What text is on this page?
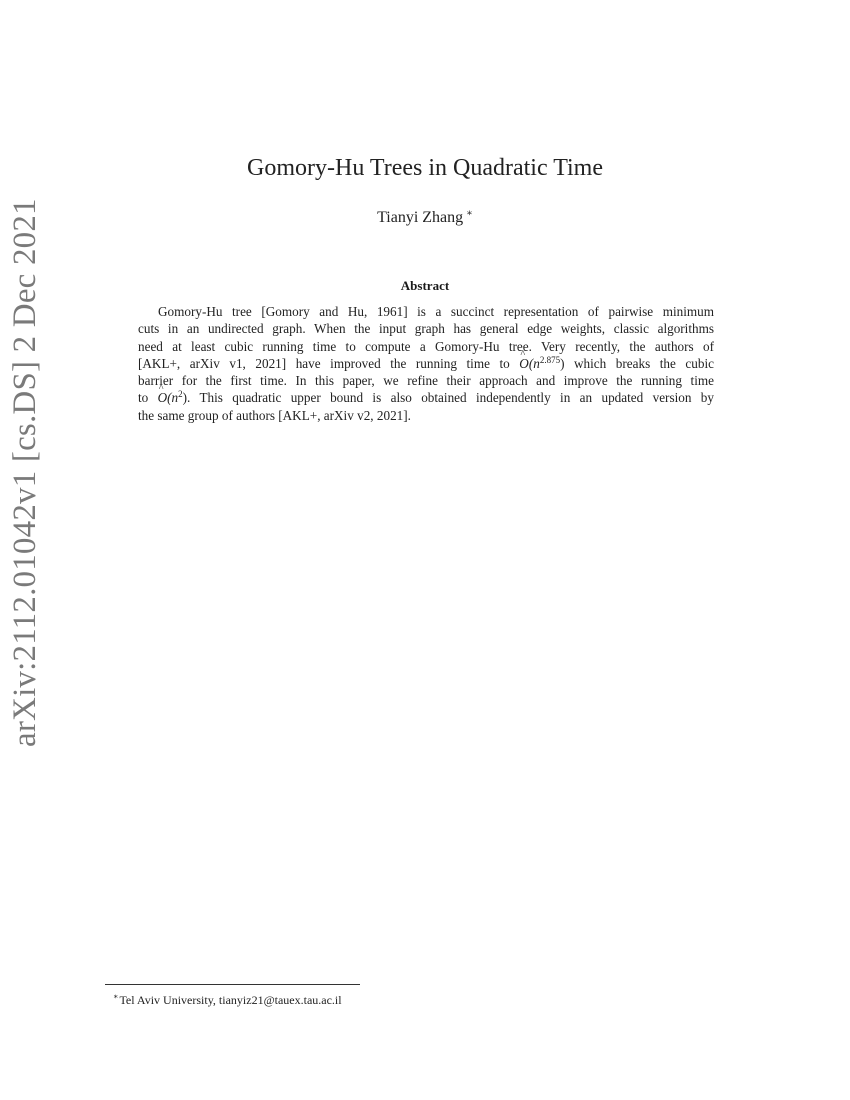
arXiv:2112.01042v1 [cs.DS] 2 Dec 2021
Gomory-Hu Trees in Quadratic Time
Tianyi Zhang ∗
Abstract
Gomory-Hu tree [Gomory and Hu, 1961] is a succinct representation of pairwise minimum
cuts in an undirected graph. When the input graph has general edge weights, classic algorithms
need at least cubic running time to compute a Gomory-Hu tree. Very recently, the authors of
[AKL+, arXiv v1, 2021] have improved the running time to ^ $O(n^{2.875})$ which breaks the cubic
barrier for the first time. In this paper, we refine their approach and improve the running time
to ^ $O(n^2)$. This quadratic upper bound is also obtained independently in an updated version by
the same group of authors [AKL+, arXiv v2, 2021].
∗Tel Aviv University, tianyiz21@tauex.tau.ac.il
